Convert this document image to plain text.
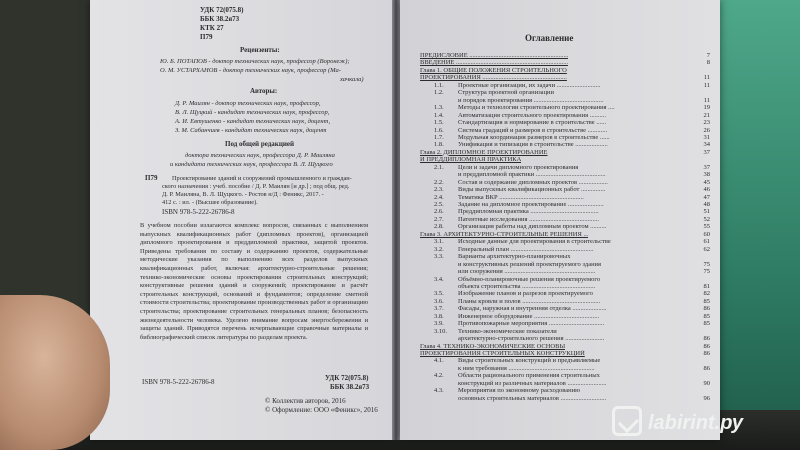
УДК 72(075.8)
ББК 38.2я73
КТК 27
П79
Рецензенты:
Ю. Б. ПОТАПОВ - доктор технических наук, профессор (Воронеж);
О. М. УСТАРХАНОВ - доктор технических наук, профессор (Ма-
хачкала)
Авторы:
Д. Р. Маилян - доктор технических наук, профессор,
В. Л. Щуцкий - кандидат технических наук, профессор,
А. И. Евтушенко - кандидат технических наук, доцент,
З. М. Сабанчиев - кандидат технических наук, доцент
Под общей редакцией
доктора технических наук, профессора Д. Р. Маиляна
и кандидата технических наук, профессора В. Л. Щуцкого
П79 Проектирование зданий и сооружений промышленного и граждан-
ского назначения : учеб. пособие / Д. Р. Маилян [и др.] ; под общ. ред.
Д. Р. Маиляна, В. Л. Щуцкого. - Ростов н/Д : Феникс, 2017. -
412 с. : ил. - (Высшее образование).
ISBN 978-5-222-26786-8
В учебном пособии излагаются комплекс вопросов, связанных с выполнением выпускных квалификационных работ (дипломных проектов), организацией дипломного проектирования и преддипломной практики, защитой проектов. Приведены требования по составу и содержанию проектов, содержательные методические указания по выполнению всех разделов выпускных квалификационных работ, включая: архитектурно-строительные решения; технико-экономические основы проектирования строительных конструкций; конструктивные решения зданий и сооружений; проектирование и расчёт строительных конструкций, оснований и фундаментов; определение сметной стоимости строительства; проектирование производственных работ и организацию строительства; проектирование строительных генеральных планов; безопасность жизнедеятельности человека. Уделено внимание вопросам энергосбережения и защиты зданий. Приводятся перечень исчерпывающие справочные материалы и библиографический список литературы по разделам проекта.
ISBN 978-5-222-26786-8	УДК 72(075.8)
ББК 38.2я73
© Коллектив авторов, 2016
© Оформление: ООО «Феникс», 2016
Оглавление
ПРЕДИСЛОВИЕ .............................................................	7
ВВЕДЕНИЕ .....................................................................	8
Глава 1. ОБЩИЕ ПОЛОЖЕНИЯ СТРОИТЕЛЬНОГО
ПРОЕКТИРОВАНИЯ ....................................................	11
1.1. Проектные организации, их задачи ...........................	11
1.2. Структура проектной организации
и порядок проектирования ...........................................	11
1.3. Методы и технологии строительного проектирования ....	19
1.4. Автоматизация строительного проектирования ..........	21
1.5. Стандартизация и нормирование в строительстве ......	23
1.6. Система градаций и размеров в строительстве ............	26
1.7. Модульная координация размеров в строительстве ......	31
1.8. Унификация и типизация в строительстве ....................	34
Глава 2. ДИПЛОМНОЕ ПРОЕКТИРОВАНИЕ	37
И ПРЕДДИПЛОМНАЯ ПРАКТИКА
2.1. Цели и задачи дипломного проектирования	37
и преддипломной практики ...........................................	38
2.2. Состав и содержание дипломных проектов ..................	45
2.3. Виды выпускных квалификационных работ ...............	46
2.4. Тематика ВКР ....................................................	47
2.5. Задание на дипломное проектирование ......................	48
2.6. Преддипломная практика ..........................................	51
2.7. Патентные исследования ...........................................	52
2.8. Организация работы над дипломным проектом ..........	55
Глава 3. АРХИТЕКТУРНО-СТРОИТЕЛЬНЫЕ РЕШЕНИЯ ...	60
3.1. Исходные данные для проектирования в строительстве	61
3.2. Генеральный план ...................................................	62
3.3. Варианты архитектурно-планировочных
и конструктивных решений проектируемого здания	75
или сооружения ........................................................	75
3.4. Объёмно-планировочные решения проектируемого
объекта строительства .............................................	81
3.5. Изображение планов и разрезов проектируемого	82
3.6. Планы кровли и полов ................................................	85
3.7. Фасады, наружная и внутренняя отделка .....................	86
3.8. Инженерное оборудование ........................................	85
3.9. Противопожарные мероприятия ..................................	85
3.10. Технико-экономические показатели
архитектурно-строительного решения ........................	86
Глава 4. ТЕХНИКО-ЭКОНОМИЧЕСКИЕ ОСНОВЫ	86
ПРОЕКТИРОВАНИЯ СТРОИТЕЛЬНЫХ КОНСТРУКЦИЙ	86
4.1. Виды строительных конструкций и предъявляемые
к ним требования .....................................................	86
4.2. Области рационального применения строительных
конструкций из различных материалов ........................	90
4.3. Мероприятия по экономному расходованию
основных строительных материалов ............................	96
labirint.ру
